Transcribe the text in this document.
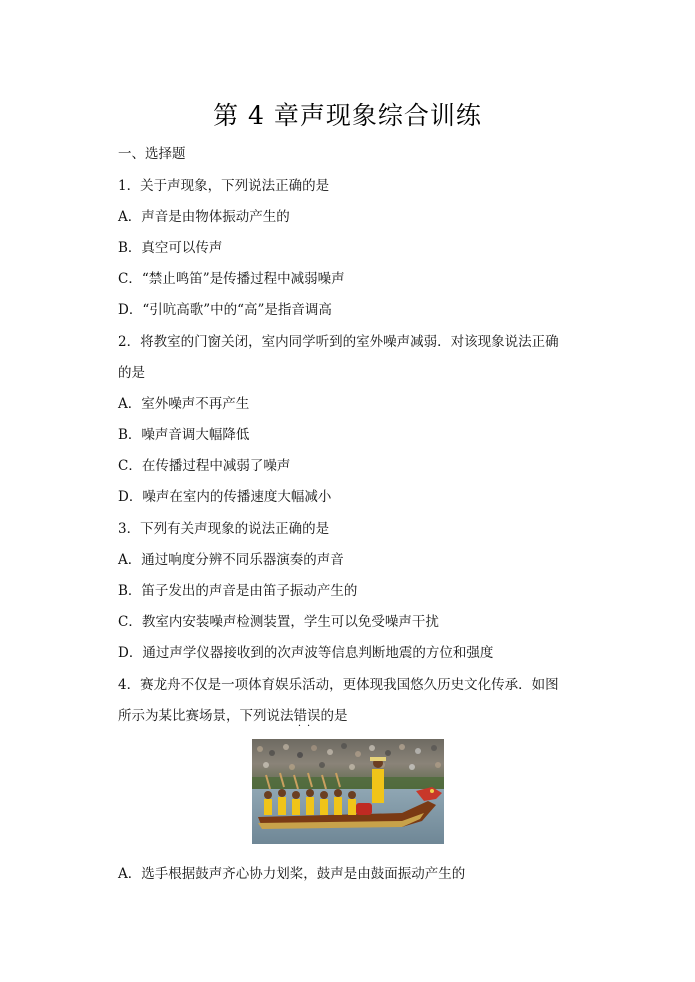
第 4 章声现象综合训练
一、选择题
1．关于声现象，下列说法正确的是
A．声音是由物体振动产生的
B．真空可以传声
C．“禁止鸣笛”是传播过程中减弱噪声
D．“引吭高歌”中的“高”是指音调高
2．将教室的门窗关闭，室内同学听到的室外噪声减弱．对该现象说法正确
的是
A．室外噪声不再产生
B．噪声音调大幅降低
C．在传播过程中减弱了噪声
D．噪声在室内的传播速度大幅减小
3．下列有关声现象的说法正确的是
A．通过响度分辨不同乐器演奏的声音
B．笛子发出的声音是由笛子振动产生的
C．教室内安装噪声检测装置，学生可以免受噪声干扰
D．通过声学仪器接收到的次声波等信息判断地震的方位和强度
4．赛龙舟不仅是一项体育娱乐活动，更体现我国悠久历史文化传承．如图
所示为某比赛场景，下列说法错误
··
的是
A．选手根据鼓声齐心协力划桨，鼓声是由鼓面振动产生的
